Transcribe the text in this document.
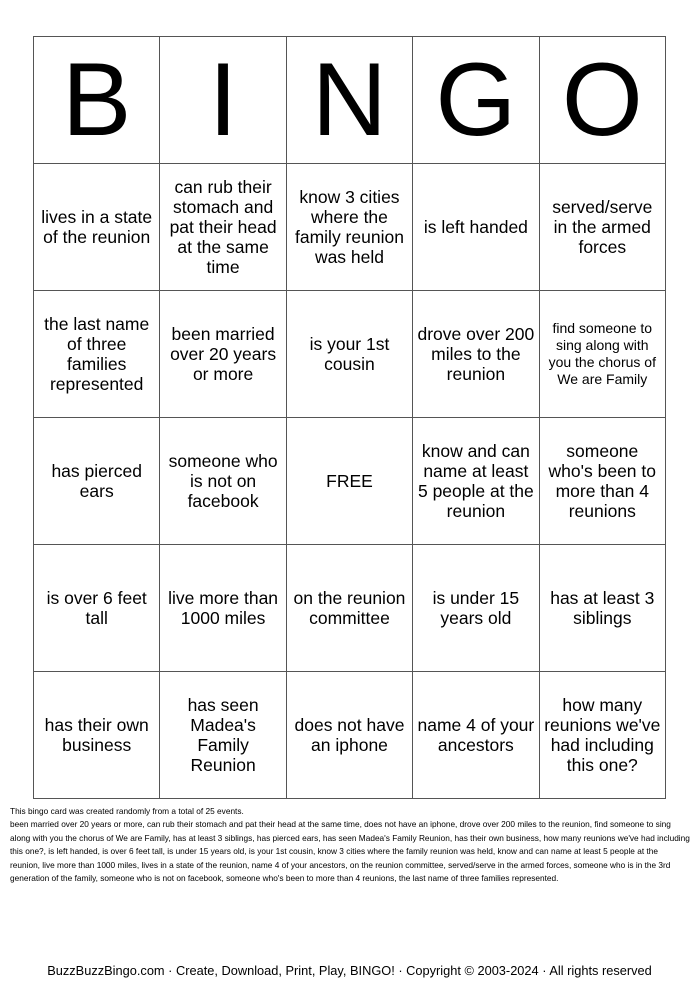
B	I	N	G	O
lives in a state of the reunion	can rub their stomach and pat their head at the same time	know 3 cities where the family reunion was held	is left handed	served/serve in the armed forces
the last name of three families represented	been married over 20 years or more	is your 1st cousin	drove over 200 miles to the reunion	find someone to sing along with you the chorus of We are Family
has pierced ears	someone who is not on facebook	FREE	know and can name at least 5 people at the reunion	someone who's been to more than 4 reunions
is over 6 feet tall	live more than 1000 miles	on the reunion committee	is under 15 years old	has at least 3 siblings
has their own business	has seen Madea's Family Reunion	does not have an iphone	name 4 of your ancestors	how many reunions we've had including this one?

This bingo card was created randomly from a total of 25 events.

been married over 20 years or more, can rub their stomach and pat their head at the same time, does not have an iphone, drove over 200 miles to the reunion, find someone to sing along with you the chorus of We are Family, has at least 3 siblings, has pierced ears, has seen Madea's Family Reunion, has their own business, how many reunions we've had including this one?, is left handed, is over 6 feet tall, is under 15 years old, is your 1st cousin, know 3 cities where the family reunion was held, know and can name at least 5 people at the reunion, live more than 1000 miles, lives in a state of the reunion, name 4 of your ancestors, on the reunion committee, served/serve in the armed forces, someone who is in the 3rd generation of the family, someone who is not on facebook, someone who's been to more than 4 reunions, the last name of three families represented.

BuzzBuzzBingo.com · Create, Download, Print, Play, BINGO! · Copyright © 2003-2024 · All rights reserved
